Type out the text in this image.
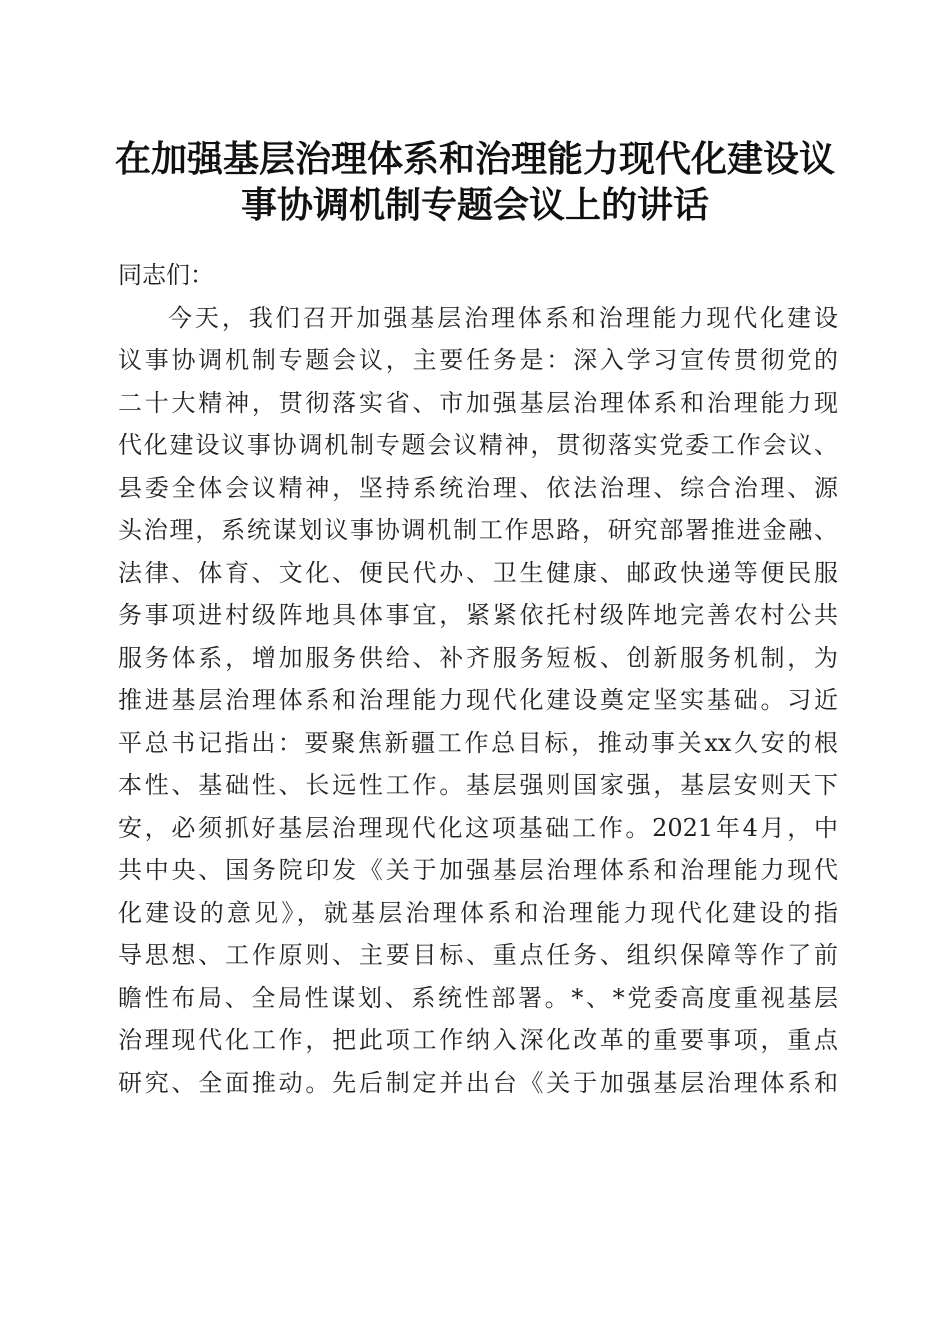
在加强基层治理体系和治理能力现代化建设议
事协调机制专题会议上的讲话
同志们：
今天，我们召开加强基层治理体系和治理能力现代化建设
议事协调机制专题会议，主要任务是：深入学习宣传贯彻党的
二十大精神，贯彻落实省、市加强基层治理体系和治理能力现
代化建设议事协调机制专题会议精神，贯彻落实党委工作会议、
县委全体会议精神，坚持系统治理、依法治理、综合治理、源
头治理，系统谋划议事协调机制工作思路，研究部署推进金融、
法律、体育、文化、便民代办、卫生健康、邮政快递等便民服
务事项进村级阵地具体事宜，紧紧依托村级阵地完善农村公共
服务体系，增加服务供给、补齐服务短板、创新服务机制，为
推进基层治理体系和治理能力现代化建设奠定坚实基础。习近
平总书记指出：要聚焦新疆工作总目标，推动事关xx久安的根
本性、基础性、长远性工作。基层强则国家强，基层安则天下
安，必须抓好基层治理现代化这项基础工作。2021年4月，中
共中央、国务院印发《关于加强基层治理体系和治理能力现代
化建设的意见》，就基层治理体系和治理能力现代化建设的指
导思想、工作原则、主要目标、重点任务、组织保障等作了前
瞻性布局、全局性谋划、系统性部署。*、*党委高度重视基层
治理现代化工作，把此项工作纳入深化改革的重要事项，重点
研究、全面推动。先后制定并出台《关于加强基层治理体系和
